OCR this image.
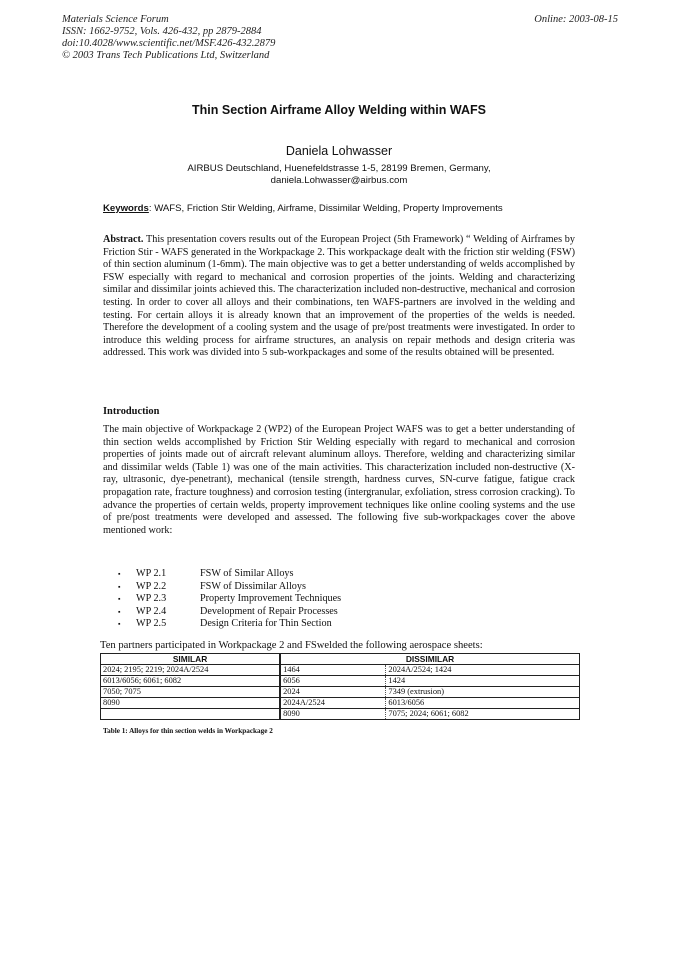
Materials Science Forum
ISSN: 1662-9752, Vols. 426-432, pp 2879-2884
doi:10.4028/www.scientific.net/MSF.426-432.2879
© 2003 Trans Tech Publications Ltd, Switzerland
Online: 2003-08-15
Thin Section Airframe Alloy Welding within WAFS
Daniela Lohwasser
AIRBUS Deutschland, Huenefeldstrasse 1-5, 28199 Bremen, Germany,
daniela.Lohwasser@airbus.com
Keywords: WAFS, Friction Stir Welding, Airframe, Dissimilar Welding, Property Improvements
Abstract. This presentation covers results out of the European Project (5th Framework) “ Welding of Airframes by Friction Stir - WAFS generated in the Workpackage 2. This workpackage dealt with the friction stir welding (FSW) of thin section aluminum (1-6mm). The main objective was to get a better understanding of welds accomplished by FSW especially with regard to mechanical and corrosion properties of the joints. Welding and characterizing similar and dissimilar joints achieved this. The characterization included non-destructive, mechanical and corrosion testing. In order to cover all alloys and their combinations, ten WAFS-partners are involved in the welding and testing. For certain alloys it is already known that an improvement of the properties of the welds is needed. Therefore the development of a cooling system and the usage of pre/post treatments were investigated. In order to introduce this welding process for airframe structures, an analysis on repair methods and design criteria was addressed. This work was divided into 5 sub-workpackages and some of the results obtained will be presented.
Introduction
The main objective of Workpackage 2 (WP2) of the European Project WAFS was to get a better understanding of thin section welds accomplished by Friction Stir Welding especially with regard to mechanical and corrosion properties of joints made out of aircraft relevant aluminum alloys. Therefore, welding and characterizing similar and dissimilar welds (Table 1) was one of the main activities. This characterization included non-destructive (X-ray, ultrasonic, dye-penetrant), mechanical (tensile strength, hardness curves, SN-curve fatigue, fatigue crack propagation rate, fracture toughness) and corrosion testing (intergranular, exfoliation, stress corrosion cracking). To advance the properties of certain welds, property improvement techniques like online cooling systems and the use of pre/post treatments were developed and assessed. The following five sub-workpackages cover the above mentioned work:
▪	WP 2.1	FSW of Similar Alloys
▪	WP 2.2	FSW of Dissimilar Alloys
▪	WP 2.3	Property Improvement Techniques
▪	WP 2.4	Development of Repair Processes
▪	WP 2.5	Design Criteria for Thin Section
Ten partners participated in Workpackage 2 and FSwelded the following aerospace sheets:
SIMILAR	DISSIMILAR	
2024; 2195; 2219; 2024A/2524	1464	2024A/2524; 1424
6013/6056; 6061; 6082	6056	1424
7050; 7075	2024	7349 (extrusion)
8090	2024A/2524	6013/6056
	8090	7075; 2024; 6061; 6082
Table 1: Alloys for thin section welds in Workpackage 2
